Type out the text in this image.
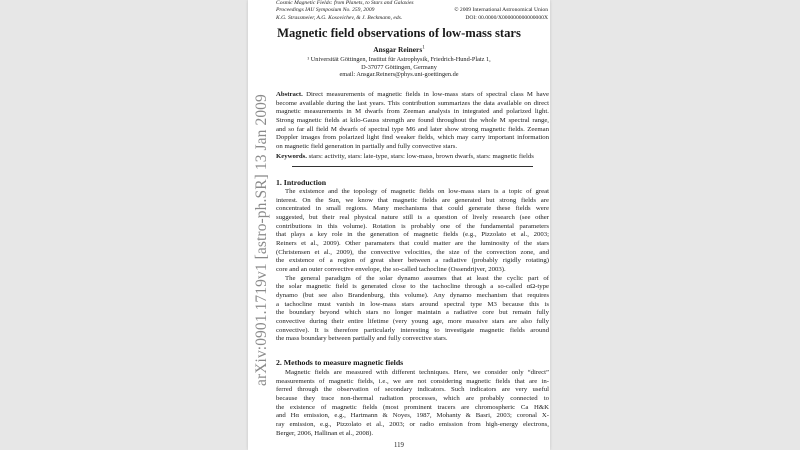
Cosmic Magnetic Fields: from Planets, to Stars and Galaxies
Proceedings IAU Symposium No. 259, 2009	© 2009 International Astronomical Union
K.G. Strassmeier, A.G. Kosovichev, & J. Beckmann, eds.	DOI: 00.0000/X000000000000000X
arXiv:0901.1719v1 [astro-ph.SR] 13 Jan 2009
Magnetic field observations of low-mass stars
Ansgar Reiners$^1$
¹ Universität Göttingen, Institut für Astrophysik, Friedrich-Hund-Platz 1,
D-37077 Göttingen, Germany
email: Ansgar.Reiners@phys.uni-goettingen.de
Abstract. Direct measurements of magnetic fields in low-mass stars of spectral class M have
become available during the last years. This contribution summarizes the data available on direct
magnetic measurements in M dwarfs from Zeeman analysis in integrated and polarized light.
Strong magnetic fields at kilo-Gauss strength are found throughout the whole M spectral range,
and so far all field M dwarfs of spectral type M6 and later show strong magnetic fields. Zeeman
Doppler images from polarized light find weaker fields, which may carry important information
on magnetic field generation in partially and fully convective stars.
Keywords. stars: activity, stars: late-type, stars: low-mass, brown dwarfs, stars: magnetic fields
1. Introduction
The existence and the topology of magnetic fields on low-mass stars is a topic of great
interest. On the Sun, we know that magnetic fields are generated but strong fields are
concentrated in small regions. Many mechanisms that could generate these fields were
suggested, but their real physical nature still is a question of lively research (see other
contributions in this volume). Rotation is probably one of the fundamental parameters
that plays a key role in the generation of magnetic fields (e.g., Pizzolato et al., 2003;
Reiners et al., 2009). Other paramaters that could matter are the luminosity of the stars
(Christensen et al., 2009), the convective velocities, the size of the convection zone, and
the existence of a region of great sheer between a radiative (probably rigidly rotating)
core and an outer convective envelope, the so-called tachocline (Ossendrijver, 2003).
The general paradigm of the solar dynamo assumes that at least the cyclic part of
the solar magnetic field is generated close to the tachocline through a so-called αΩ-type
dynamo (but see also Brandenburg, this volume). Any dynamo mechanism that requires
a tachocline must vanish in low-mass stars around spectral type M3 because this is
the boundary beyond which stars no longer maintain a radiative core but remain fully
convective during their entire lifetime (very young age, more massive stars are also fully
convective). It is therefore particularly interesting to investigate magnetic fields around
the mass boundary between partially and fully convective stars.
2. Methods to measure magnetic fields
Magnetic fields are measured with different techniques. Here, we consider only “direct”
measurements of magnetic fields, i.e., we are not considering magnetic fields that are in-
ferred through the observation of secondary indicators. Such indicators are very useful
because they trace non-thermal radiation processes, which are probably connected to
the existence of magnetic fields (most prominent tracers are chromospheric Ca H&K
and Hα emission, e.g., Hartmann & Noyes, 1987, Mohanty & Basri, 2003; coronal X-
ray emission, e.g., Pizzolato et al., 2003; or radio emission from high-energy electrons,
Berger, 2006, Hallinan et al., 2008).
119
